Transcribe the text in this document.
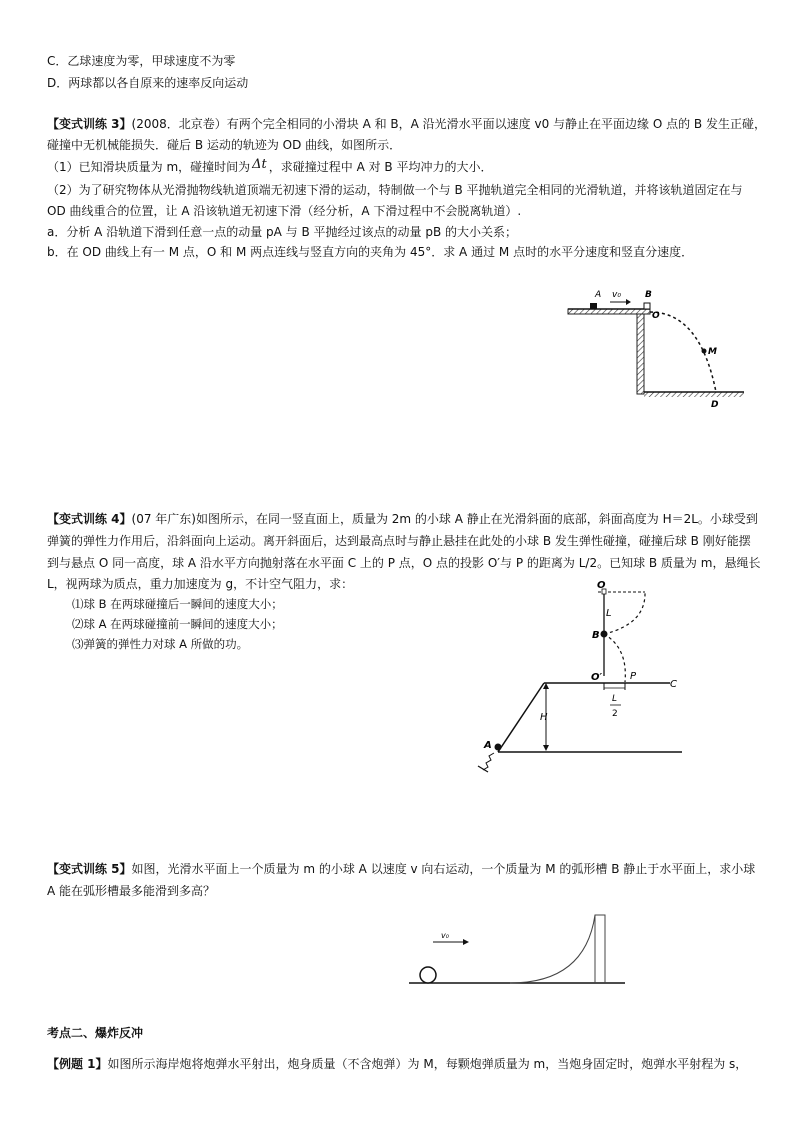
C．乙球速度为零，甲球速度不为零
D．两球都以各自原来的速率反向运动
【变式训练 3】(2008．北京卷）有两个完全相同的小滑块 A 和 B，A 沿光滑水平面以速度 v0 与静止在平面边缘 O 点的 B 发生正碰，
碰撞中无机械能损失．碰后 B 运动的轨迹为 OD 曲线，如图所示．
（1）已知滑块质量为 m，碰撞时间为 Δt ，求碰撞过程中 A 对 B 平均冲力的大小．
（2）为了研究物体从光滑抛物线轨道顶端无初速下滑的运动，特制做一个与 B 平抛轨道完全相同的光滑轨道，并将该轨道固定在与
OD 曲线重合的位置，让 A 沿该轨道无初速下滑（经分析，A 下滑过程中不会脱离轨道）.
a．分析 A 沿轨道下滑到任意一点的动量 pA 与 B 平抛经过该点的动量 pB 的大小关系；
b．在 OD 曲线上有一 M 点，O 和 M 两点连线与竖直方向的夹角为 45°．求 A 通过 M 点时的水平分速度和竖直分速度．
A v₀	B
O
M
D
【变式训练 4】(07 年广东)如图所示，在同一竖直面上，质量为 2m 的小球 A 静止在光滑斜面的底部，斜面高度为 H＝2L。小球受到
弹簧的弹性力作用后，沿斜面向上运动。离开斜面后，达到最高点时与静止悬挂在此处的小球 B 发生弹性碰撞，碰撞后球 B 刚好能摆
到与悬点 O 同一高度，球 A 沿水平方向抛射落在水平面 C 上的 P 点，O 点的投影 O′与 P 的距离为 L/2。已知球 B 质量为 m，悬绳长
L，视两球为质点，重力加速度为 g，不计空气阻力，求：
⑴球 B 在两球碰撞后一瞬间的速度大小；
⑵球 A 在两球碰撞前一瞬间的速度大小；
⑶弹簧的弹性力对球 A 所做的功。
O
L
B
O′	P
C
L
2
H
A
【变式训练 5】如图，光滑水平面上一个质量为 m 的小球 A 以速度 v 向右运动，一个质量为 M 的弧形槽 B 静止于水平面上，求小球
A 能在弧形槽最多能滑到多高？
v₀
考点二、爆炸反冲
【例题 1】如图所示海岸炮将炮弹水平射出，炮身质量（不含炮弹）为 M，每颗炮弹质量为 m，当炮身固定时，炮弹水平射程为 s，
